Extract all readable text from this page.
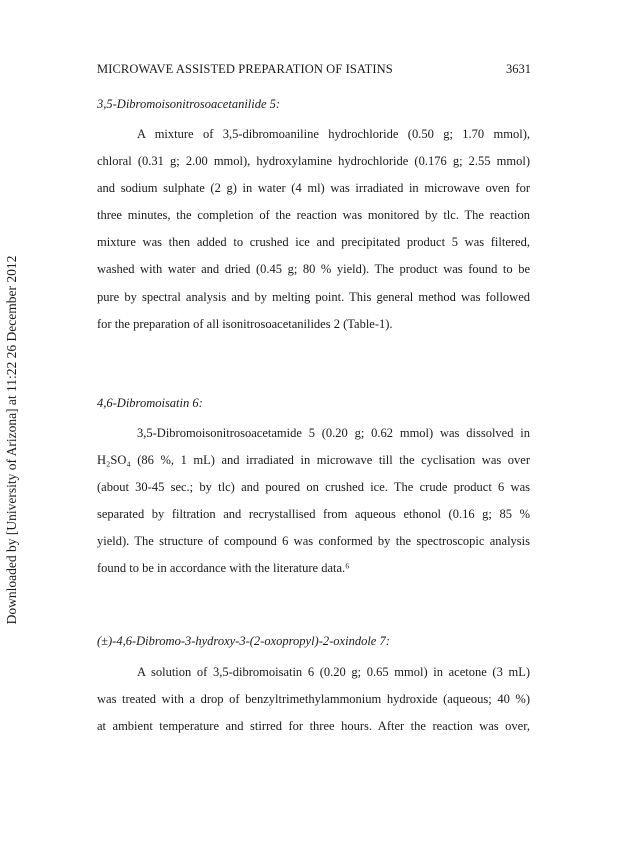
MICROWAVE ASSISTED PREPARATION OF ISATINS	3631
Downloaded by [University of Arizona] at 11:22 26 December 2012
3,5-Dibromoisonitrosoacetanilide 5:
A mixture of 3,5-dibromoaniline hydrochloride (0.50 g; 1.70 mmol),
chloral (0.31 g; 2.00 mmol), hydroxylamine hydrochloride (0.176 g; 2.55 mmol)
and sodium sulphate (2 g) in water (4 ml) was irradiated in microwave oven for
three minutes, the completion of the reaction was monitored by tlc. The reaction
mixture was then added to crushed ice and precipitated product 5 was filtered,
washed with water and dried (0.45 g; 80 % yield). The product was found to be
pure by spectral analysis and by melting point. This general method was followed
for the preparation of all isonitrosoacetanilides 2 (Table-1).
4,6-Dibromoisatin 6:
3,5-Dibromoisonitrosoacetamide 5 (0.20 g; 0.62 mmol) was dissolved in
H₂SO₄ (86 %, 1 mL) and irradiated in microwave till the cyclisation was over
(about 30-45 sec.; by tlc) and poured on crushed ice. The crude product 6 was
separated by filtration and recrystallised from aqueous ethonol (0.16 g; 85 %
yield). The structure of compound 6 was conformed by the spectroscopic analysis
found to be in accordance with the literature data.⁶
(±)-4,6-Dibromo-3-hydroxy-3-(2-oxopropyl)-2-oxindole 7:
A solution of 3,5-dibromoisatin 6 (0.20 g; 0.65 mmol) in acetone (3 mL)
was treated with a drop of benzyltrimethylammonium hydroxide (aqueous; 40 %)
at ambient temperature and stirred for three hours. After the reaction was over,
